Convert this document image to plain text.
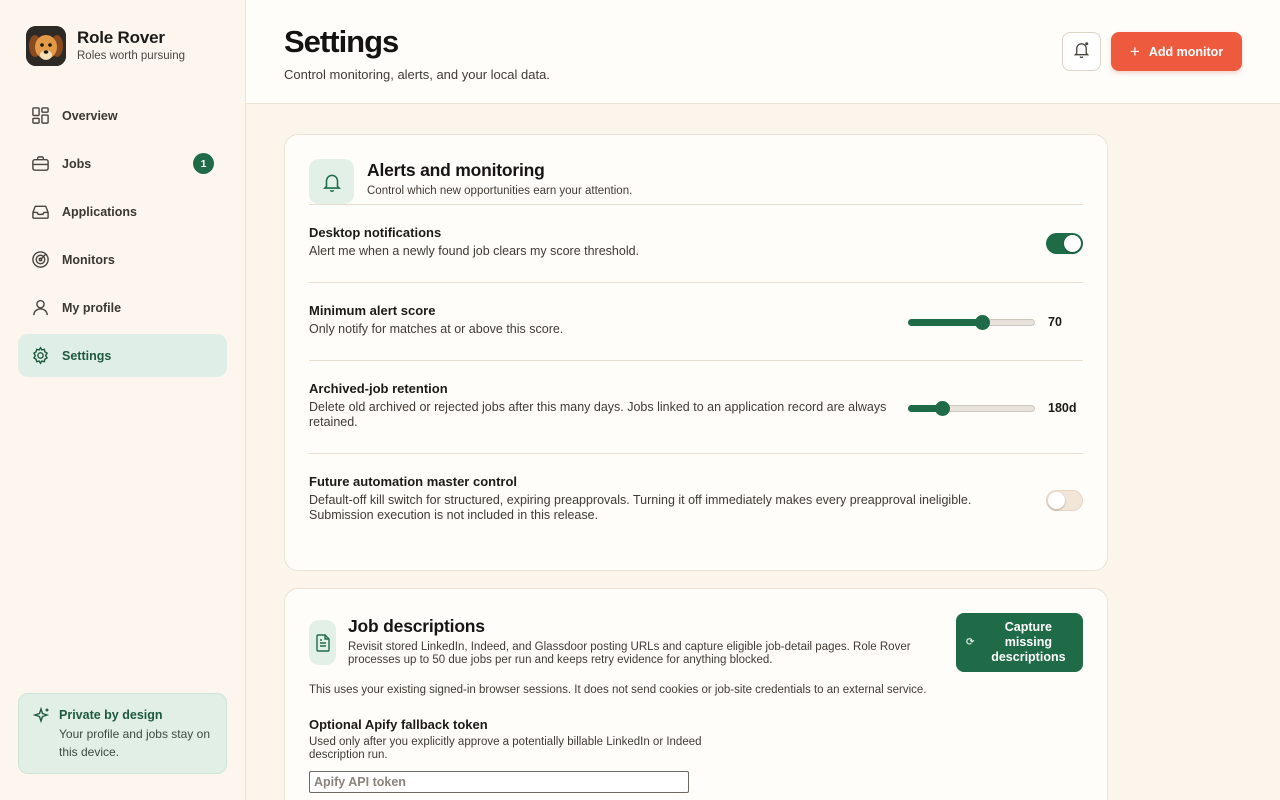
Role Rover
Roles worth pursuing
Overview
Jobs	1
Applications
Monitors
My profile
Settings
Private by design
Your profile and jobs stay on this device.
Settings

Control monitoring, alerts, and your local data.

+ Add monitor
Alerts and monitoring

Control which new opportunities earn your attention.

Desktop notifications
Alert me when a newly found job clears my score threshold.
Minimum alert score
Only notify for matches at or above this score.	70
Archived-job retention
Delete old archived or rejected jobs after this many days. Jobs linked to an application record are always retained.
180d
Future automation master control
Default-off kill switch for structured, expiring preapprovals. Turning it off immediately makes every preapproval ineligible. Submission execution is not included in this release.
Job descriptions

Revisit stored LinkedIn, Indeed, and Glassdoor posting URLs and capture eligible job-detail pages. Role Rover processes up to 50 due jobs per run and keeps retry evidence for anything blocked.

⟳
Capture missing descriptions

This uses your existing signed-in browser sessions. It does not send cookies or job-site credentials to an external service.

Optional Apify fallback token
Used only after you explicitly approve a potentially billable LinkedIn or Indeed description run.
Apify API token
